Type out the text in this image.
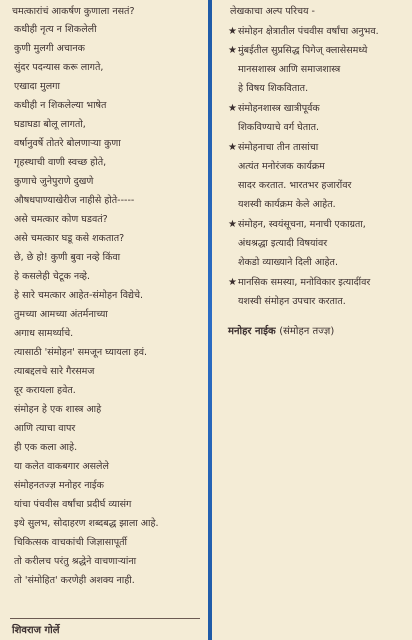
चमत्कारांचं आकर्षण कुणाला नसतं?
कधीही नृत्य न शिकलेली
कुणी मुलगी अचानक
सुंदर पदन्यास करू लागते,
एखादा मुलगा
कधीही न शिकलेल्या भाषेत
घडाघडा बोलू लागतो,
वर्षानुवर्षे तोतरे बोलणाऱ्या कुणा
गृहस्थाची वाणी स्वच्छ होते,
कुणाचे जुनेपुराणे दुखणे
औषधपाण्याखेरीज नाहीसे होते-----
असे चमत्कार कोण घडवतं?
असे चमत्कार घडू कसे शकतात?
छे, छे हो! कुणी बुवा नव्हे किंवा
हे कसलेही चेटूक नव्हे.
हे सारे चमत्कार आहेत-संमोहन विद्येचे.
तुमच्या आमच्या अंतर्मनाच्या
अगाध सामर्थ्याचे.
त्यासाठी 'संमोहन' समजून घ्यायला हवं.
त्याबद्दलचे सारे गैरसमज
दूर करायला हवेत.
संमोहन हे एक शास्त्र आहे
आणि त्याचा वापर
ही एक कला आहे.
या कलेत वाकबगार असलेले
संमोहनतज्ज्ञ मनोहर नाईक
यांचा पंचवीस वर्षांचा प्रदीर्घ व्यासंग
इथे सुलभ, सोदाहरण शब्दबद्ध झाला आहे.
चिकित्सक वाचकांची जिज्ञासापूर्ती
तो करीलच परंतु श्रद्धेने वाचणाऱ्यांना
तो 'संमोहित' करणेही अशक्य नाही.
शिवराज गोर्ले
लेखकाचा अल्प परिचय -
★ संमोहन क्षेत्रातील पंचवीस वर्षांचा अनुभव.
★ मुंबईतील सुप्रसिद्ध पिगेज् क्लासेसमध्ये
मानसशास्त्र आणि समाजशास्त्र
हे विषय शिकवितात.
★ संमोहनशास्त्र खात्रीपूर्वक
शिकविण्याचे वर्ग घेतात.
★ संमोहनाचा तीन तासांचा
अत्यंत मनोरंजक कार्यक्रम
सादर करतात. भारतभर हजारोंवर
यशस्वी कार्यक्रम केले आहेत.
★ संमोहन, स्वयंसूचना, मनाची एकाग्रता,
अंधश्रद्धा इत्यादी विषयांवर
शेकडो व्याख्याने दिली आहेत.
★ मानसिक समस्या, मनोविकार इत्यादींवर
यशस्वी संमोहन उपचार करतात.
मनोहर नाईक (संमोहन तज्ज्ञ)
